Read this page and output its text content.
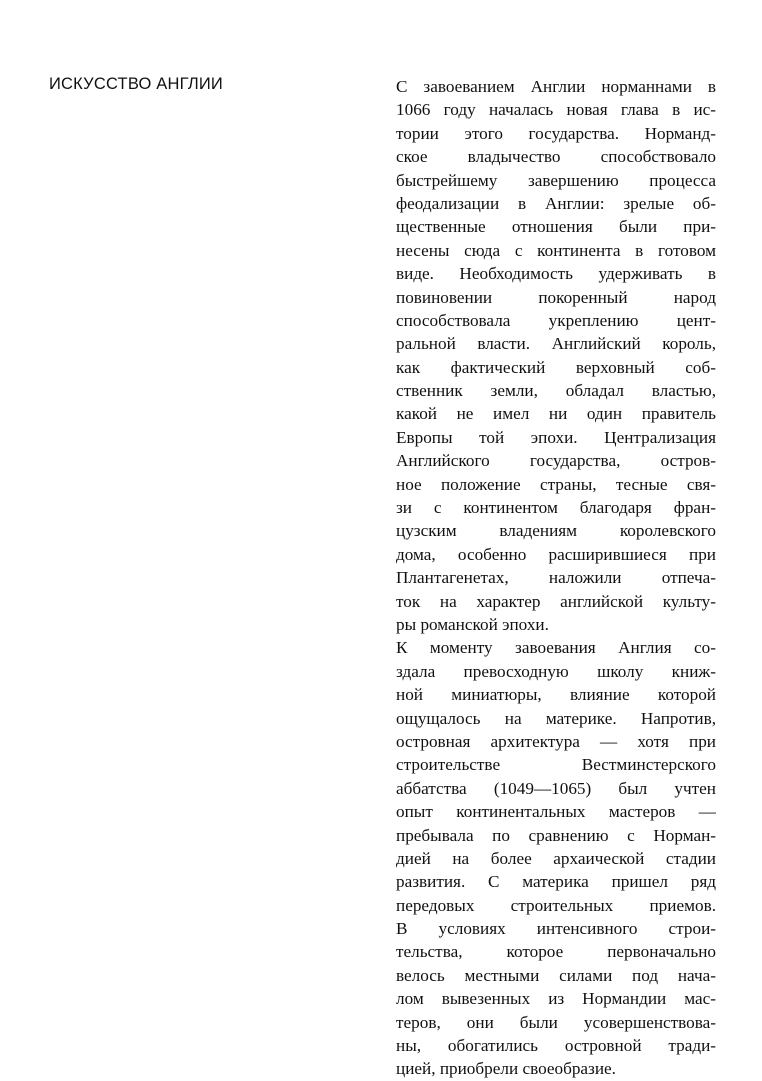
ИСКУССТВО АНГЛИИ	С завоеванием Англии норманнами в
1066 году началась новая глава в ис-
тории этого государства. Норманд-
ское владычество способствовало
быстрейшему завершению процесса
феодализации в Англии: зрелые об-
щественные отношения были при-
несены сюда с континента в готовом
виде. Необходимость удерживать в
повиновении покоренный народ
способствовала укреплению цент-
ральной власти. Английский король,
как фактический верховный соб-
ственник земли, обладал властью,
какой не имел ни один правитель
Европы той эпохи. Централизация
Английского государства, остров-
ное положение страны, тесные свя-
зи с континентом благодаря фран-
цузским владениям королевского
дома, особенно расширившиеся при
Плантагенетах, наложили отпеча-
ток на характер английской культу-
ры романской эпохи.

К моменту завоевания Англия со-
здала превосходную школу книж-
ной миниатюры, влияние которой
ощущалось на материке. Напротив,
островная архитектура — хотя при
строительстве Вестминстерского
аббатства (1049—1065) был учтен
опыт континентальных мастеров —
пребывала по сравнению с Норман-
дией на более архаической стадии
развития. С материка пришел ряд
передовых строительных приемов.
В условиях интенсивного строи-
тельства, которое первоначально
велось местными силами под нача-
лом вывезенных из Нормандии мас-
теров, они были усовершенствова-
ны, обогатились островной тради-
цией, приобрели своеобразие.
